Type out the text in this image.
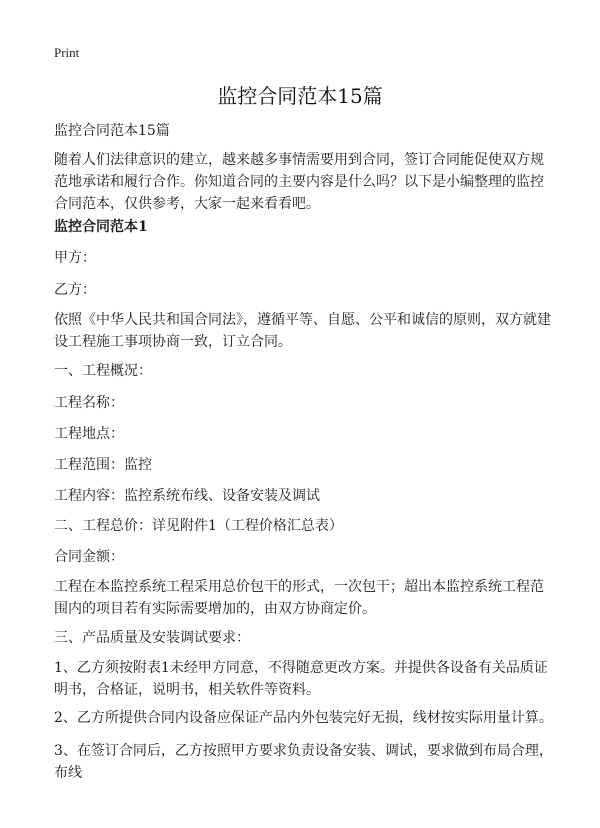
Print
监控合同范本15篇

监控合同范本15篇

随着人们法律意识的建立，越来越多事情需要用到合同，签订合同能促使双方规范地承诺和履行合作。你知道合同的主要内容是什么吗？以下是小编整理的监控合同范本，仅供参考，大家一起来看看吧。

监控合同范本1

甲方：

乙方：

依照《中华人民共和国合同法》，遵循平等、自愿、公平和诚信的原则，双方就建设工程施工事项协商一致，订立合同。

一、工程概况：

工程名称：

工程地点：

工程范围：监控

工程内容：监控系统布线、设备安装及调试

二、工程总价：详见附件1（工程价格汇总表）

合同金额：

工程在本监控系统工程采用总价包干的形式，一次包干；超出本监控系统工程范围内的项目若有实际需要增加的，由双方协商定价。

三、产品质量及安装调试要求：

1、乙方须按附表1未经甲方同意，不得随意更改方案。并提供各设备有关品质证明书，合格证，说明书，相关软件等资料。

2、乙方所提供合同内设备应保证产品内外包装完好无损，线材按实际用量计算。

3、在签订合同后，乙方按照甲方要求负责设备安装、调试，要求做到布局合理，布线
